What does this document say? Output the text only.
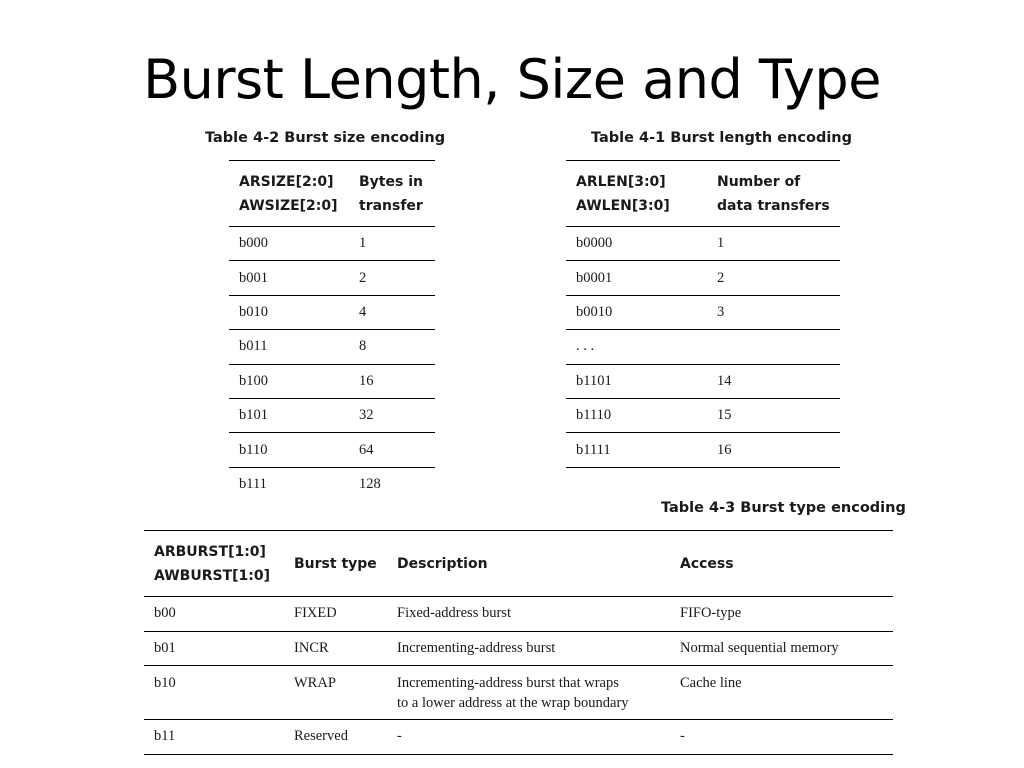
Burst Length, Size and Type
Table 4-2 Burst size encoding
ARSIZE[2:0]
AWSIZE[2:0]	Bytes in
transfer
b000	1
b001	2
b010	4
b011	8
b100	16
b101	32
b110	64
b111	128
Table 4-1 Burst length encoding
ARLEN[3:0]
AWLEN[3:0]	Number of
data transfers
b0000	1
b0001	2
b0010	3
. . .	
b1101	14
b1110	15
b1111	16
Table 4-3 Burst type encoding
ARBURST[1:0]
AWBURST[1:0]	Burst type	Description	Access
b00	FIXED	Fixed-address burst	FIFO-type
b01	INCR	Incrementing-address burst	Normal sequential memory
b10	WRAP	Incrementing-address burst that wraps
to a lower address at the wrap boundary	Cache line
b11	Reserved	-	-
